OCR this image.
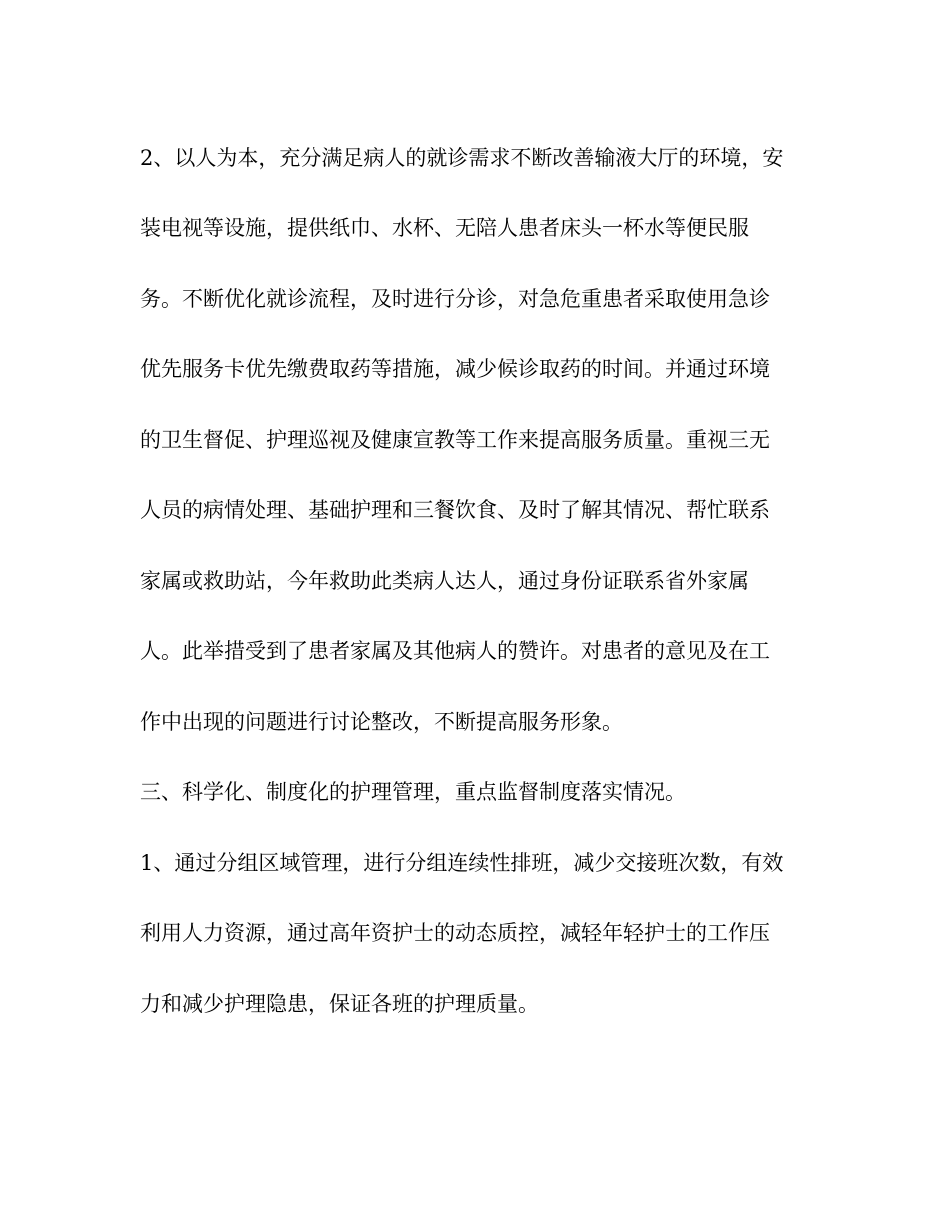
2、以人为本，充分满足病人的就诊需求不断改善输液大厅的环境，安
装电视等设施，提供纸巾、水杯、无陪人患者床头一杯水等便民服
务。不断优化就诊流程，及时进行分诊，对急危重患者采取使用急诊
优先服务卡优先缴费取药等措施，减少候诊取药的时间。并通过环境
的卫生督促、护理巡视及健康宣教等工作来提高服务质量。重视三无
人员的病情处理、基础护理和三餐饮食、及时了解其情况、帮忙联系
家属或救助站，今年救助此类病人达人，通过身份证联系省外家属
人。此举措受到了患者家属及其他病人的赞许。对患者的意见及在工
作中出现的问题进行讨论整改，不断提高服务形象。
三、科学化、制度化的护理管理，重点监督制度落实情况。
1、通过分组区域管理，进行分组连续性排班，减少交接班次数，有效
利用人力资源，通过高年资护士的动态质控，减轻年轻护士的工作压
力和减少护理隐患，保证各班的护理质量。
